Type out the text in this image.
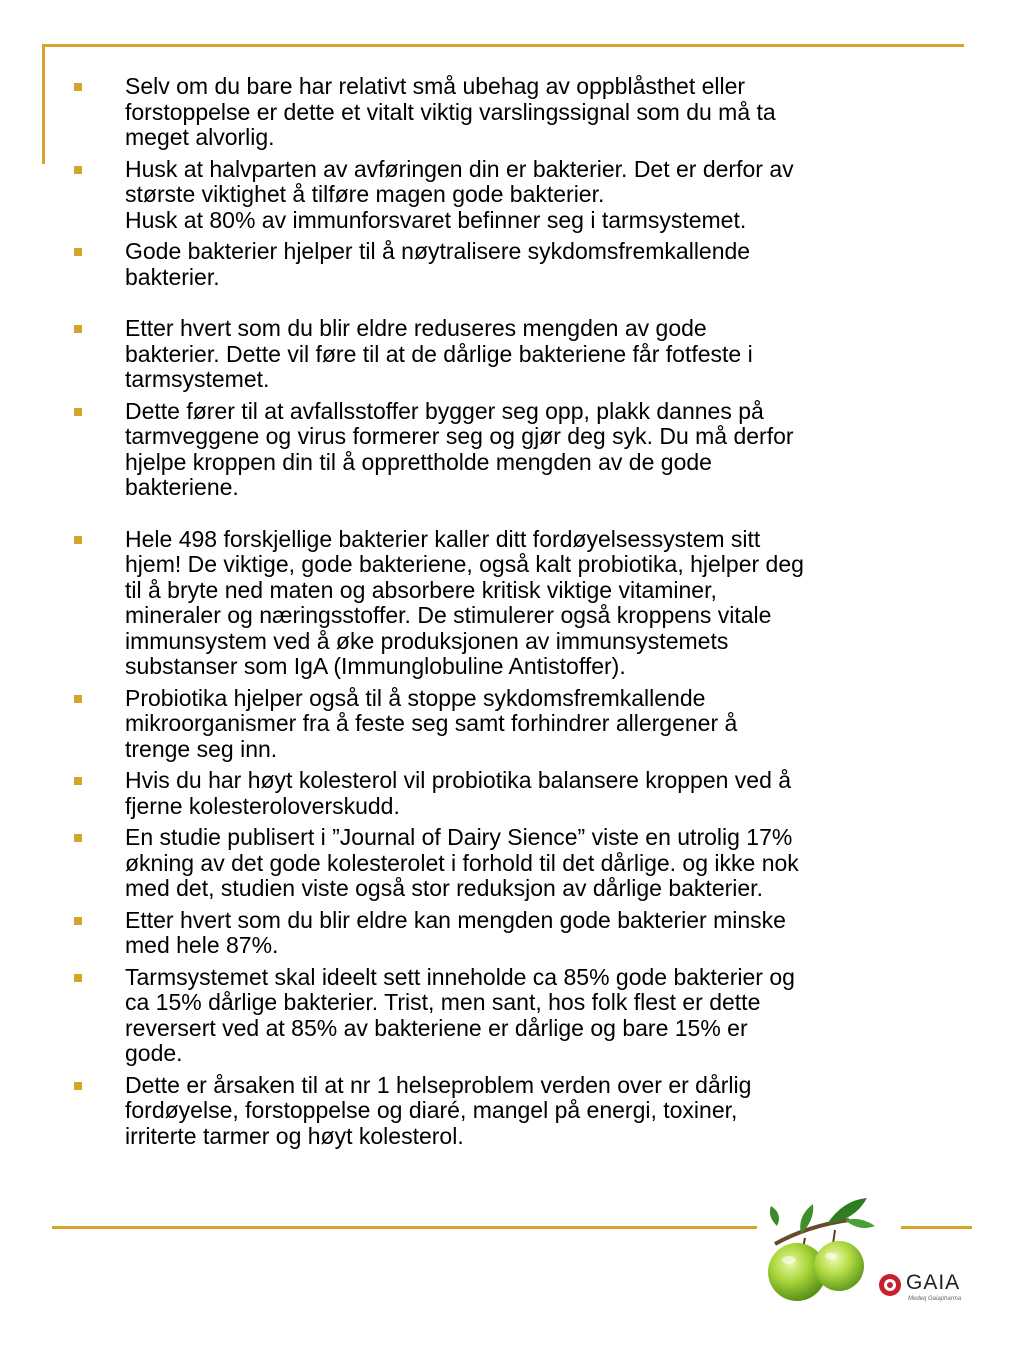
Selv om du bare har relativt små ubehag av oppblåsthet eller
forstoppelse er dette et vitalt viktig varslingssignal som du må ta
meget alvorlig.
Husk at halvparten av avføringen din er bakterier. Det er derfor av
største viktighet å tilføre magen gode bakterier.
Husk at 80% av immunforsvaret befinner seg i tarmsystemet.
Gode bakterier hjelper til å nøytralisere sykdomsfremkallende
bakterier.
Etter hvert som du blir eldre reduseres mengden av gode
bakterier. Dette vil føre til at de dårlige bakteriene får fotfeste i
tarmsystemet.
Dette fører til at avfallsstoffer bygger seg opp, plakk dannes på
tarmveggene og virus formerer seg og gjør deg syk. Du må derfor
hjelpe kroppen din til å opprettholde mengden av de gode
bakteriene.
Hele 498 forskjellige bakterier kaller ditt fordøyelsessystem sitt
hjem! De viktige, gode bakteriene, også kalt probiotika, hjelper deg
til å bryte ned maten og absorbere kritisk viktige vitaminer,
mineraler og næringsstoffer. De stimulerer også kroppens vitale
immunsystem ved å øke produksjonen av immunsystemets
substanser som IgA (Immunglobuline Antistoffer).
Probiotika hjelper også til å stoppe sykdomsfremkallende
mikroorganismer fra å feste seg samt forhindrer allergener å
trenge seg inn.
Hvis du har høyt kolesterol vil probiotika balansere kroppen ved å
fjerne kolesteroloverskudd.
En studie publisert i ”Journal of Dairy Sience” viste en utrolig 17%
økning av det gode kolesterolet i forhold til det dårlige. og ikke nok
med det, studien viste også stor reduksjon av dårlige bakterier.
Etter hvert som du blir eldre kan mengden gode bakterier minske
med hele 87%.
Tarmsystemet skal ideelt sett inneholde ca 85% gode bakterier og
ca 15% dårlige bakterier. Trist, men sant, hos folk flest er dette
reversert ved at 85% av bakteriene er dårlige og bare 15% er
gode.
Dette er årsaken til at nr 1 helseproblem verden over er dårlig
fordøyelse, forstoppelse og diaré, mangel på energi, toxiner,
irriterte tarmer og høyt kolesterol.
GAIA
Medeq Gaiapharma
